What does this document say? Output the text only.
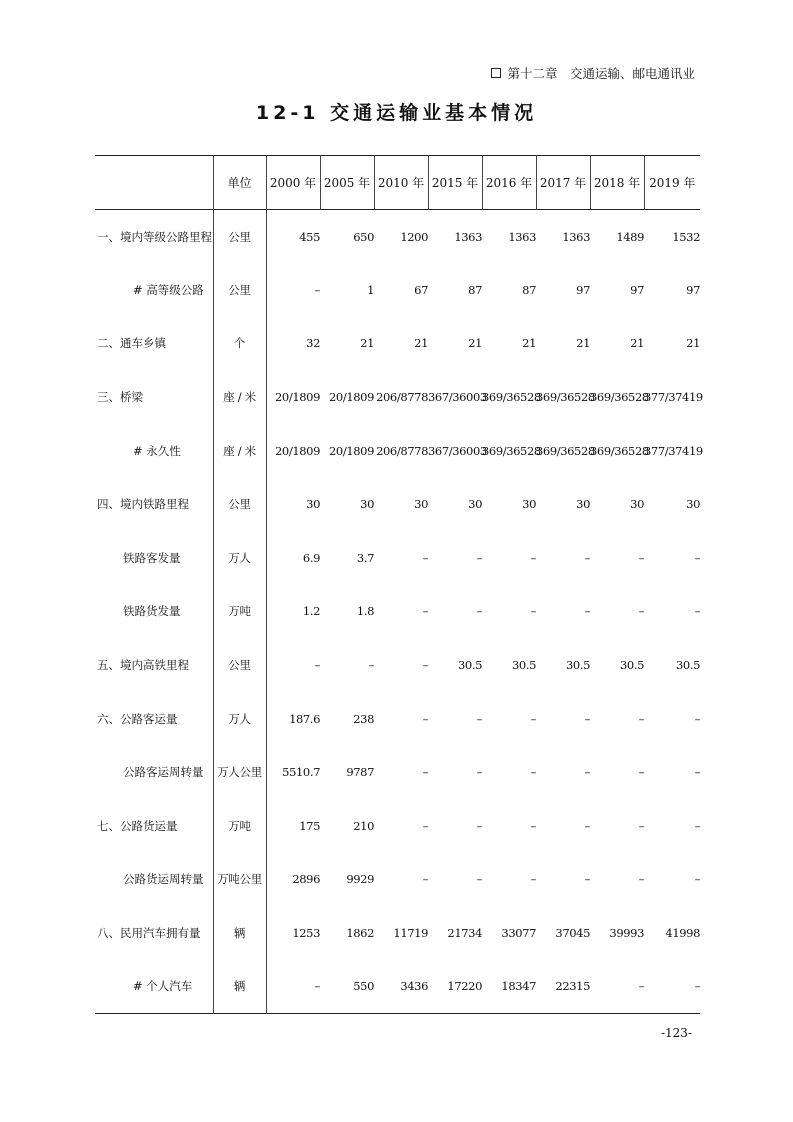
第十二章　交通运输、邮电通讯业
12-1 交通运输业基本情况
	单位	2000 年	2005 年	2010 年	2015 年	2016 年	2017 年	2018 年	2019 年
一、境内等级公路里程	公里	455	650	1200	1363	1363	1363	1489	1532
# 高等级公路	公里	–	1	67	87	87	97	97	97
二、通车乡镇	个	32	21	21	21	21	21	21	21
三、桥梁	座 / 米	20/1809	20/1809	206/8778	367/36003	369/36528	369/36528	369/36528	377/37419
# 永久性	座 / 米	20/1809	20/1809	206/8778	367/36003	369/36528	369/36528	369/36528	377/37419
四、境内铁路里程	公里	30	30	30	30	30	30	30	30
铁路客发量	万人	6.9	3.7	–	–	–	–	–	–
铁路货发量	万吨	1.2	1.8	–	–	–	–	–	–
五、境内高铁里程	公里	–	–	–	30.5	30.5	30.5	30.5	30.5
六、公路客运量	万人	187.6	238	–	–	–	–	–	–
公路客运周转量	万人公里	5510.7	9787	–	–	–	–	–	–
七、公路货运量	万吨	175	210	–	–	–	–	–	–
公路货运周转量	万吨公里	2896	9929	–	–	–	–	–	–
八、民用汽车拥有量	辆	1253	1862	11719	21734	33077	37045	39993	41998
# 个人汽车	辆	–	550	3436	17220	18347	22315	–	–
-123-
